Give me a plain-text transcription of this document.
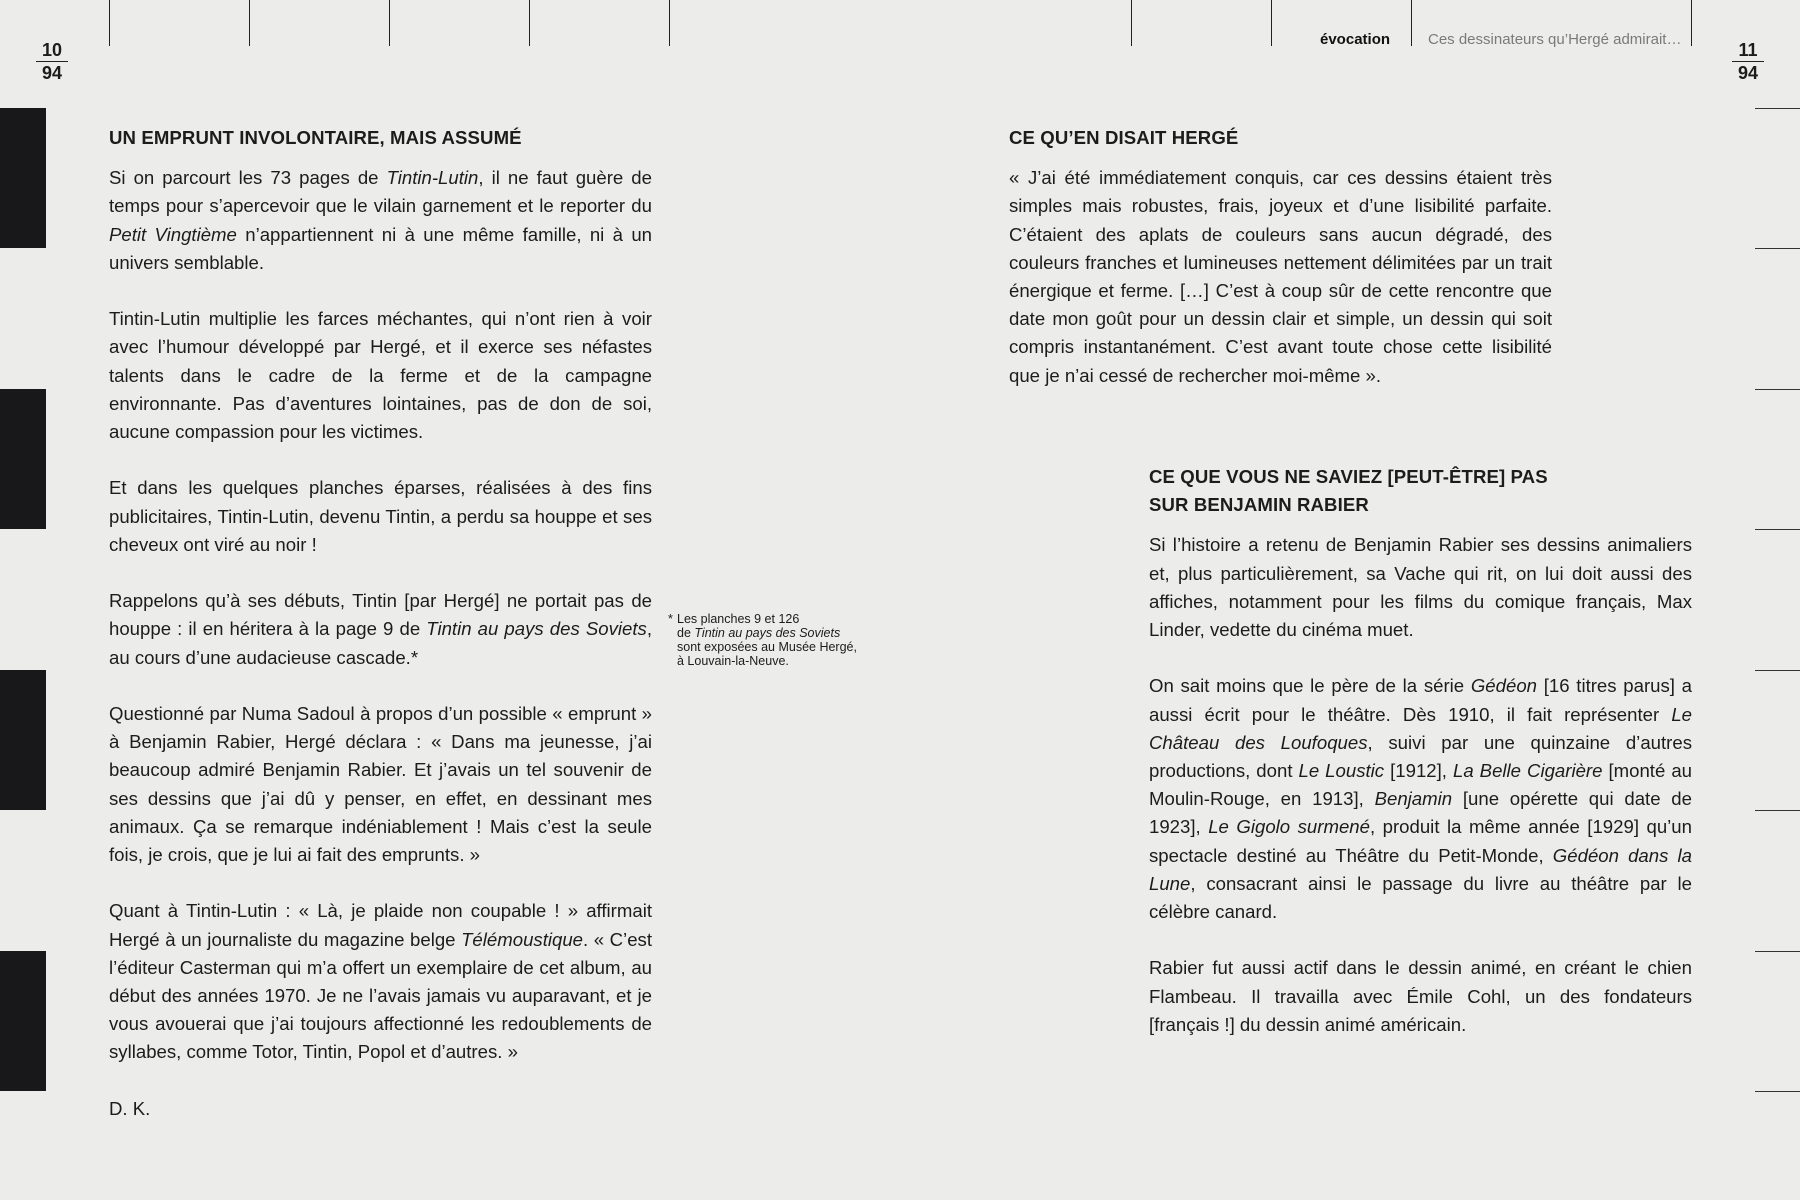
10
94
11
94
évocation	Ces dessinateurs qu’Hergé admirait…
UN EMPRUNT INVOLONTAIRE, MAIS ASSUMÉ

Si on parcourt les 73 pages de Tintin-Lutin, il ne faut guère de temps pour s’apercevoir que le vilain garnement et le reporter du Petit Vingtième n’appartiennent ni à une même famille, ni à un univers semblable.

Tintin-Lutin multiplie les farces méchantes, qui n’ont rien à voir avec l’humour développé par Hergé, et il exerce ses néfastes talents dans le cadre de la ferme et de la campagne environnante. Pas d’aventures lointaines, pas de don de soi, aucune compassion pour les victimes.

Et dans les quelques planches éparses, réalisées à des fins publicitaires, Tintin-Lutin, devenu Tintin, a perdu sa houppe et ses cheveux ont viré au noir !

Rappelons qu’à ses débuts, Tintin [par Hergé] ne portait pas de houppe : il en héritera à la page 9 de Tintin au pays des Soviets, au cours d’une audacieuse cascade.*

Questionné par Numa Sadoul à propos d’un possible « emprunt » à Benjamin Rabier, Hergé déclara : « Dans ma jeunesse, j’ai beaucoup admiré Benjamin Rabier. Et j’avais un tel souvenir de ses dessins que j’ai dû y penser, en effet, en dessinant mes animaux. Ça se remarque indéniablement ! Mais c’est la seule fois, je crois, que je lui ai fait des emprunts. »

Quant à Tintin-Lutin : « Là, je plaide non coupable ! » affirmait Hergé à un journaliste du magazine belge Télémoustique. « C’est l’éditeur Casterman qui m’a offert un exemplaire de cet album, au début des années 1970. Je ne l’avais jamais vu auparavant, et je vous avouerai que j’ai toujours affectionné les redoublements de syllabes, comme Totor, Tintin, Popol et d’autres. »

D. K.

* Les planches 9 et 126
de Tintin au pays des Soviets
sont exposées au Musée Hergé,
à Louvain-la-Neuve.
CE QU’EN DISAIT HERGÉ

« J’ai été immédiatement conquis, car ces dessins étaient très simples mais robustes, frais, joyeux et d’une lisibilité parfaite. C’étaient des aplats de couleurs sans aucun dégradé, des couleurs franches et lumineuses nettement délimitées par un trait énergique et ferme. […] C’est à coup sûr de cette rencontre que date mon goût pour un dessin clair et simple, un dessin qui soit compris instantanément. C’est avant toute chose cette lisibilité que je n’ai cessé de rechercher moi-même ».

CE QUE VOUS NE SAVIEZ [PEUT-ÊTRE] PAS
SUR BENJAMIN RABIER

Si l’histoire a retenu de Benjamin Rabier ses dessins animaliers et, plus particulièrement, sa Vache qui rit, on lui doit aussi des affiches, notamment pour les films du comique français, Max Linder, vedette du cinéma muet.

On sait moins que le père de la série Gédéon [16 titres parus] a aussi écrit pour le théâtre. Dès 1910, il fait représenter Le Château des Loufoques, suivi par une quinzaine d’autres productions, dont Le Loustic [1912], La Belle Cigarière [monté au Moulin-Rouge, en 1913], Benjamin [une opérette qui date de 1923], Le Gigolo surmené, produit la même année [1929] qu’un spectacle destiné au Théâtre du Petit-Monde, Gédéon dans la Lune, consacrant ainsi le passage du livre au théâtre par le célèbre canard.

Rabier fut aussi actif dans le dessin animé, en créant le chien Flambeau. Il travailla avec Émile Cohl, un des fondateurs [français !] du dessin animé américain.
